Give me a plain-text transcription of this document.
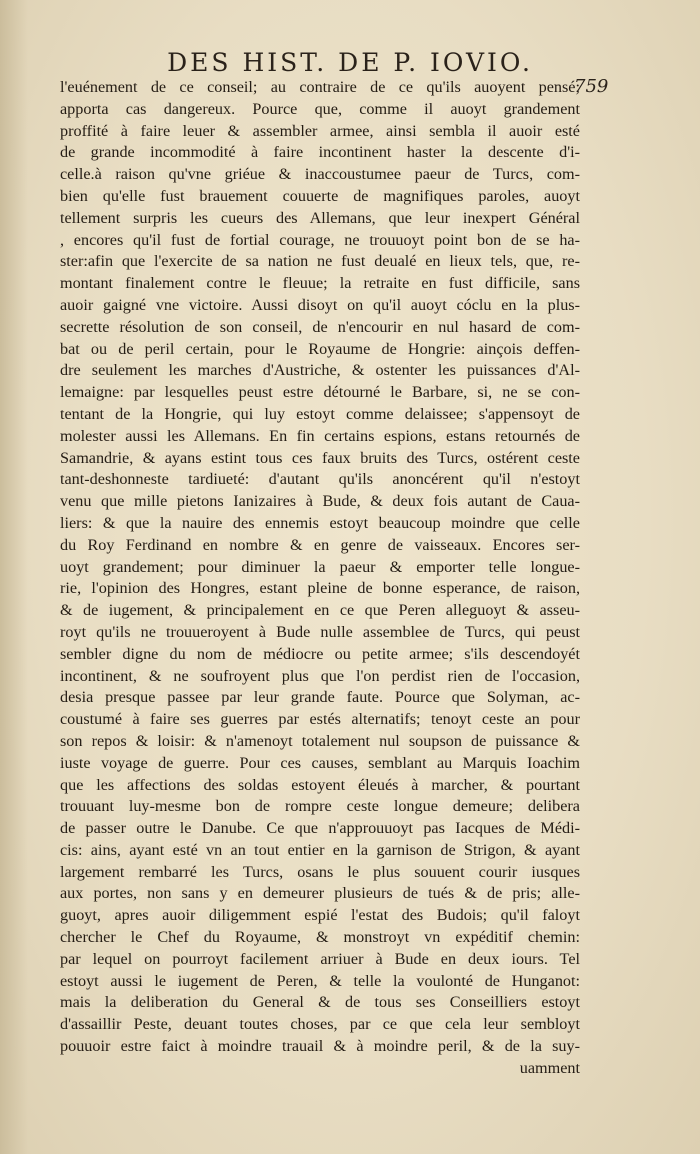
DES HIST. DE P. IOVIO.
759
l'euénement de ce conseil; au contraire de ce qu'ils auoyent pensé;
apporta cas dangereux. Pource que, comme il auoyt grandement
proffité à faire leuer & assembler armee, ainsi sembla il auoir esté
de grande incommodité à faire incontinent haster la descente d'i-
celle.à raison qu'vne griéue & inaccoustumee paeur de Turcs, com-
bien qu'elle fust brauement couuerte de magnifiques paroles, auoyt
tellement surpris les cueurs des Allemans, que leur inexpert Général
, encores qu'il fust de fortial courage, ne trouuoyt point bon de se ha-
ster:afin que l'exercite de sa nation ne fust deualé en lieux tels, que, re-
montant finalement contre le fleuue; la retraite en fust difficile, sans
auoir gaigné vne victoire. Aussi disoyt on qu'il auoyt cóclu en la plus-
secrette résolution de son conseil, de n'encourir en nul hasard de com-
bat ou de peril certain, pour le Royaume de Hongrie: ainçois deffen-
dre seulement les marches d'Austriche, & ostenter les puissances d'Al-
lemaigne: par lesquelles peust estre détourné le Barbare, si, ne se con-
tentant de la Hongrie, qui luy estoyt comme delaissee; s'appensoyt de
molester aussi les Allemans. En fin certains espions, estans retournés de
Samandrie, & ayans estint tous ces faux bruits des Turcs, ostérent ceste
tant-deshonneste tardiueté: d'autant qu'ils anoncérent qu'il n'estoyt
venu que mille pietons Ianizaires à Bude, & deux fois autant de Caua-
liers: & que la nauire des ennemis estoyt beaucoup moindre que celle
du Roy Ferdinand en nombre & en genre de vaisseaux. Encores ser-
uoyt grandement; pour diminuer la paeur & emporter telle longue-
rie, l'opinion des Hongres, estant pleine de bonne esperance, de raison,
& de iugement, & principalement en ce que Peren alleguoyt & asseu-
royt qu'ils ne trouueroyent à Bude nulle assemblee de Turcs, qui peust
sembler digne du nom de médiocre ou petite armee; s'ils descendoyét
incontinent, & ne soufroyent plus que l'on perdist rien de l'occasion,
desia presque passee par leur grande faute. Pource que Solyman, ac-
coustumé à faire ses guerres par estés alternatifs; tenoyt ceste an pour
son repos & loisir: & n'amenoyt totalement nul soupson de puissance &
iuste voyage de guerre. Pour ces causes, semblant au Marquis Ioachim
que les affections des soldas estoyent éleués à marcher, & pourtant
trouuant luy-mesme bon de rompre ceste longue demeure; delibera
de passer outre le Danube. Ce que n'approuuoyt pas Iacques de Médi-
cis: ains, ayant esté vn an tout entier en la garnison de Strigon, & ayant
largement rembarré les Turcs, osans le plus souuent courir iusques
aux portes, non sans y en demeurer plusieurs de tués & de pris; alle-
guoyt, apres auoir diligemment espié l'estat des Budois; qu'il faloyt
chercher le Chef du Royaume, & monstroyt vn expéditif chemin:
par lequel on pourroyt facilement arriuer à Bude en deux iours. Tel
estoyt aussi le iugement de Peren, & telle la voulonté de Hunganot:
mais la deliberation du General & de tous ses Conseilliers estoyt
d'assaillir Peste, deuant toutes choses, par ce que cela leur sembloyt
pouuoir estre faict à moindre trauail & à moindre peril, & de la suy-
uamment
